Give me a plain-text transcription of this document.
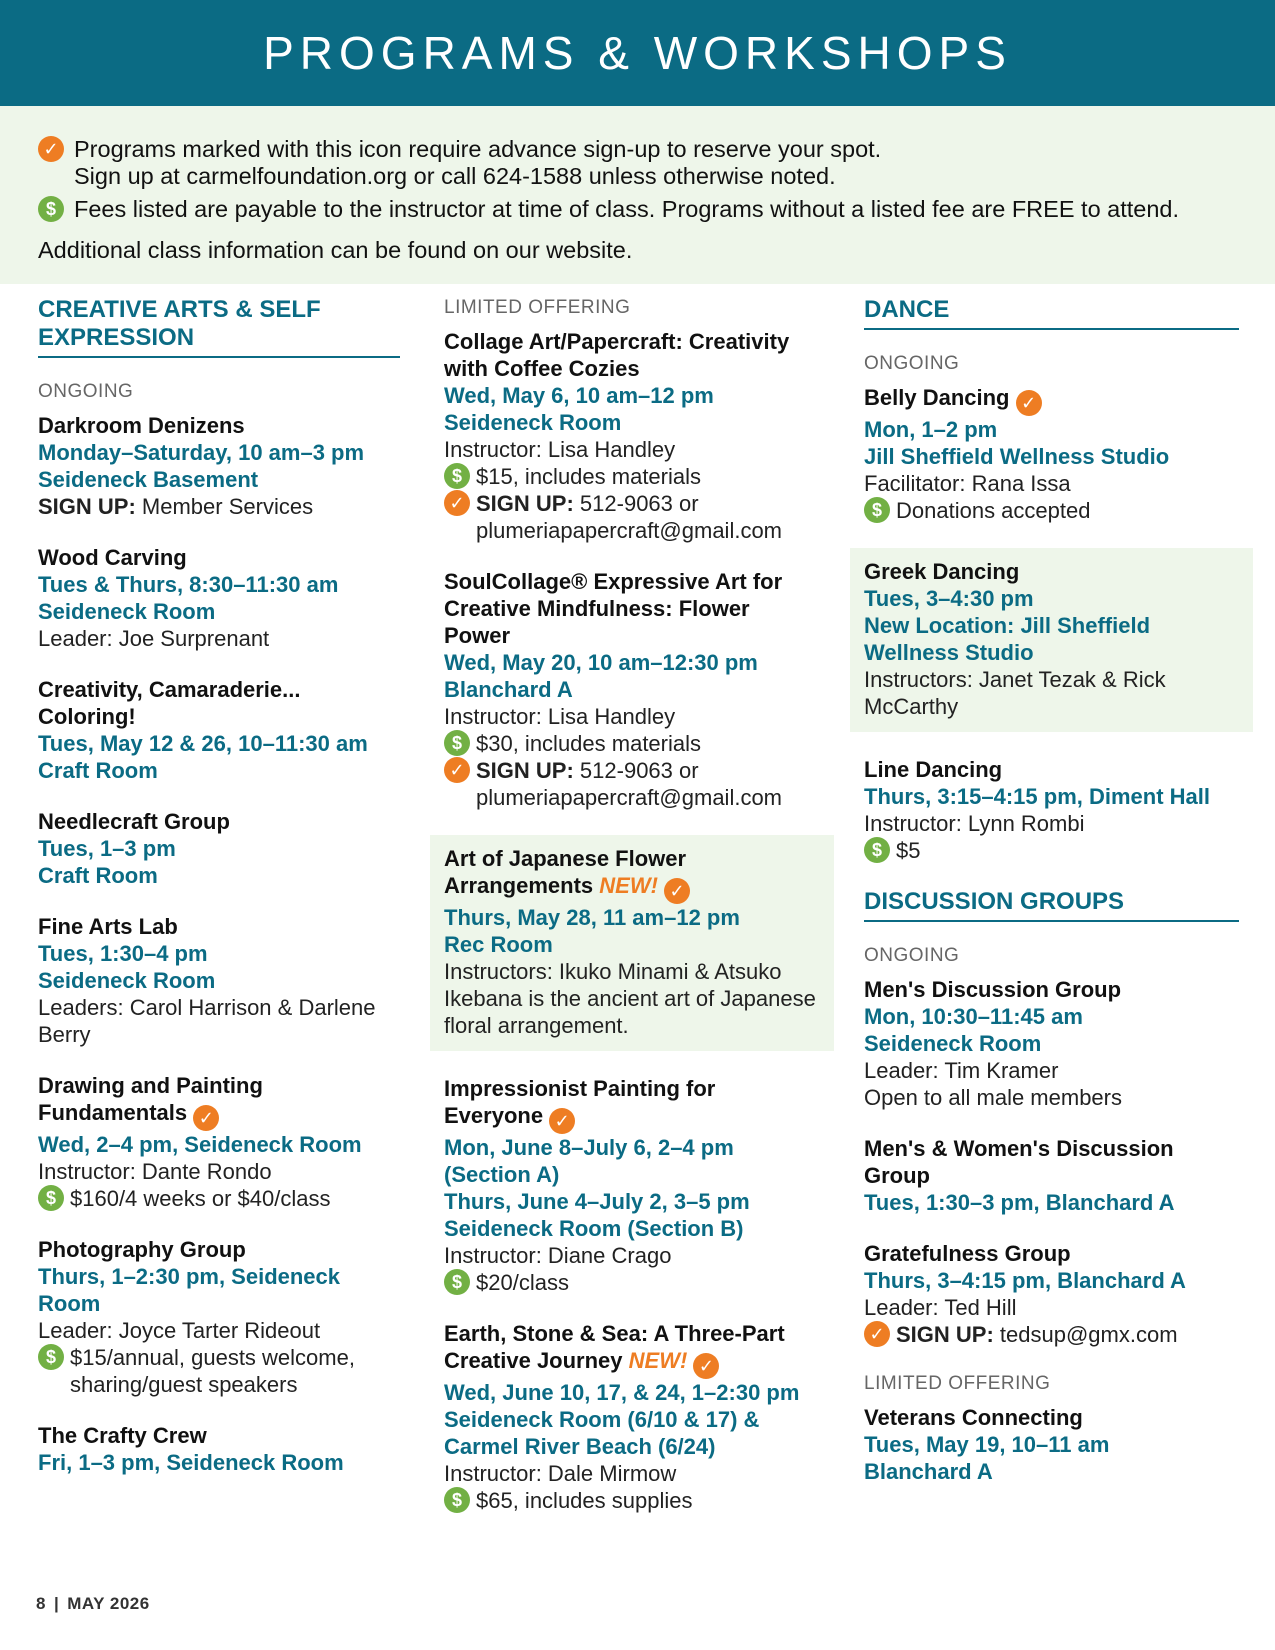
PROGRAMS & WORKSHOPS
✓ Programs marked with this icon require advance sign-up to reserve your spot.
Sign up at carmelfoundation.org or call 624-1588 unless otherwise noted.
$ Fees listed are payable to the instructor at time of class. Programs without a listed fee are FREE to attend.
Additional class information can be found on our website.
CREATIVE ARTS & SELF EXPRESSION
ONGOING
Darkroom Denizens
Monday–Saturday, 10 am–3 pm
Seideneck Basement
SIGN UP: Member Services
Wood Carving
Tues & Thurs, 8:30–11:30 am
Seideneck Room
Leader: Joe Surprenant
Creativity, Camaraderie... Coloring!
Tues, May 12 & 26, 10–11:30 am
Craft Room
Needlecraft Group
Tues, 1–3 pm
Craft Room
Fine Arts Lab
Tues, 1:30–4 pm
Seideneck Room
Leaders: Carol Harrison & Darlene Berry
Drawing and Painting Fundamentals ✓
Wed, 2–4 pm, Seideneck Room
Instructor: Dante Rondo
$ $160/4 weeks or $40/class
Photography Group
Thurs, 1–2:30 pm, Seideneck Room
Leader: Joyce Tarter Rideout
$ $15/annual, guests welcome, sharing/guest speakers
The Crafty Crew
Fri, 1–3 pm, Seideneck Room
LIMITED OFFERING
Collage Art/Papercraft: Creativity with Coffee Cozies
Wed, May 6, 10 am–12 pm
Seideneck Room
Instructor: Lisa Handley
$ $15, includes materials
✓ SIGN UP: 512-9063 or plumeriapapercraft@gmail.com
SoulCollage® Expressive Art for Creative Mindfulness: Flower Power
Wed, May 20, 10 am–12:30 pm
Blanchard A
Instructor: Lisa Handley
$ $30, includes materials
✓ SIGN UP: 512-9063 or plumeriapapercraft@gmail.com
Art of Japanese Flower Arrangements NEW! ✓
Thurs, May 28, 11 am–12 pm
Rec Room
Instructors: Ikuko Minami & Atsuko
Ikebana is the ancient art of Japanese floral arrangement.
Impressionist Painting for Everyone ✓
Mon, June 8–July 6, 2–4 pm (Section A)
Thurs, June 4–July 2, 3–5 pm Seideneck Room (Section B)
Instructor: Diane Crago
$ $20/class
Earth, Stone & Sea: A Three-Part Creative Journey NEW! ✓
Wed, June 10, 17, & 24, 1–2:30 pm
Seideneck Room (6/10 & 17) & Carmel River Beach (6/24)
Instructor: Dale Mirmow
$ $65, includes supplies
DANCE
ONGOING
Belly Dancing ✓
Mon, 1–2 pm
Jill Sheffield Wellness Studio
Facilitator: Rana Issa
$ Donations accepted
Greek Dancing
Tues, 3–4:30 pm
New Location: Jill Sheffield Wellness Studio
Instructors: Janet Tezak & Rick McCarthy
Line Dancing
Thurs, 3:15–4:15 pm, Diment Hall
Instructor: Lynn Rombi
$ $5
DISCUSSION GROUPS
ONGOING
Men's Discussion Group
Mon, 10:30–11:45 am
Seideneck Room
Leader: Tim Kramer
Open to all male members
Men's & Women's Discussion Group
Tues, 1:30–3 pm, Blanchard A
Gratefulness Group
Thurs, 3–4:15 pm, Blanchard A
Leader: Ted Hill
✓ SIGN UP: tedsup@gmx.com
LIMITED OFFERING
Veterans Connecting
Tues, May 19, 10–11 am
Blanchard A
8 | MAY 2026
